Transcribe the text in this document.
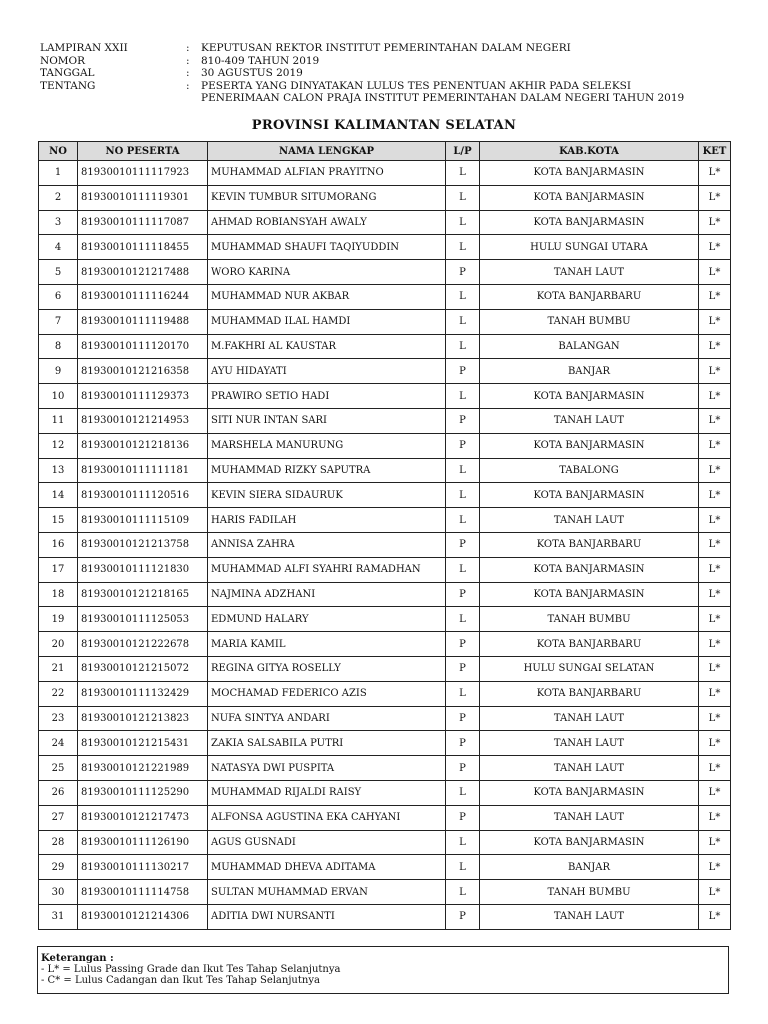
LAMPIRAN XXII	:	KEPUTUSAN REKTOR INSTITUT PEMERINTAHAN DALAM NEGERI
NOMOR	:	810-409 TAHUN 2019
TANGGAL	:	30 AGUSTUS 2019
TENTANG	:	PESERTA YANG DINYATAKAN LULUS TES PENENTUAN AKHIR PADA SELEKSI
PENERIMAAN CALON PRAJA INSTITUT PEMERINTAHAN DALAM NEGERI TAHUN 2019
PROVINSI KALIMANTAN SELATAN
NO	NO PESERTA	NAMA LENGKAP	L/P	KAB.KOTA	KET
1	81930010111117923	MUHAMMAD ALFIAN PRAYITNO	L	KOTA BANJARMASIN	L*
2	81930010111119301	KEVIN TUMBUR SITUMORANG	L	KOTA BANJARMASIN	L*
3	81930010111117087	AHMAD ROBIANSYAH AWALY	L	KOTA BANJARMASIN	L*
4	81930010111118455	MUHAMMAD SHAUFI TAQIYUDDIN	L	HULU SUNGAI UTARA	L*
5	81930010121217488	WORO KARINA	P	TANAH LAUT	L*
6	81930010111116244	MUHAMMAD NUR AKBAR	L	KOTA BANJARBARU	L*
7	81930010111119488	MUHAMMAD ILAL HAMDI	L	TANAH BUMBU	L*
8	81930010111120170	M.FAKHRI AL KAUSTAR	L	BALANGAN	L*
9	81930010121216358	AYU HIDAYATI	P	BANJAR	L*
10	81930010111129373	PRAWIRO SETIO HADI	L	KOTA BANJARMASIN	L*
11	81930010121214953	SITI NUR INTAN SARI	P	TANAH LAUT	L*
12	81930010121218136	MARSHELA MANURUNG	P	KOTA BANJARMASIN	L*
13	81930010111111181	MUHAMMAD RIZKY SAPUTRA	L	TABALONG	L*
14	81930010111120516	KEVIN SIERA SIDAURUK	L	KOTA BANJARMASIN	L*
15	81930010111115109	HARIS FADILAH	L	TANAH LAUT	L*
16	81930010121213758	ANNISA ZAHRA	P	KOTA BANJARBARU	L*
17	81930010111121830	MUHAMMAD ALFI SYAHRI RAMADHAN	L	KOTA BANJARMASIN	L*
18	81930010121218165	NAJMINA ADZHANI	P	KOTA BANJARMASIN	L*
19	81930010111125053	EDMUND HALARY	L	TANAH BUMBU	L*
20	81930010121222678	MARIA KAMIL	P	KOTA BANJARBARU	L*
21	81930010121215072	REGINA GITYA ROSELLY	P	HULU SUNGAI SELATAN	L*
22	81930010111132429	MOCHAMAD FEDERICO AZIS	L	KOTA BANJARBARU	L*
23	81930010121213823	NUFA SINTYA ANDARI	P	TANAH LAUT	L*
24	81930010121215431	ZAKIA SALSABILA PUTRI	P	TANAH LAUT	L*
25	81930010121221989	NATASYA DWI PUSPITA	P	TANAH LAUT	L*
26	81930010111125290	MUHAMMAD RIJALDI RAISY	L	KOTA BANJARMASIN	L*
27	81930010121217473	ALFONSA AGUSTINA EKA CAHYANI	P	TANAH LAUT	L*
28	81930010111126190	AGUS GUSNADI	L	KOTA BANJARMASIN	L*
29	81930010111130217	MUHAMMAD DHEVA ADITAMA	L	BANJAR	L*
30	81930010111114758	SULTAN MUHAMMAD ERVAN	L	TANAH BUMBU	L*
31	81930010121214306	ADITIA DWI NURSANTI	P	TANAH LAUT	L*
Keterangan :
- L* = Lulus Passing Grade dan Ikut Tes Tahap Selanjutnya
- C* = Lulus Cadangan dan Ikut Tes Tahap Selanjutnya
